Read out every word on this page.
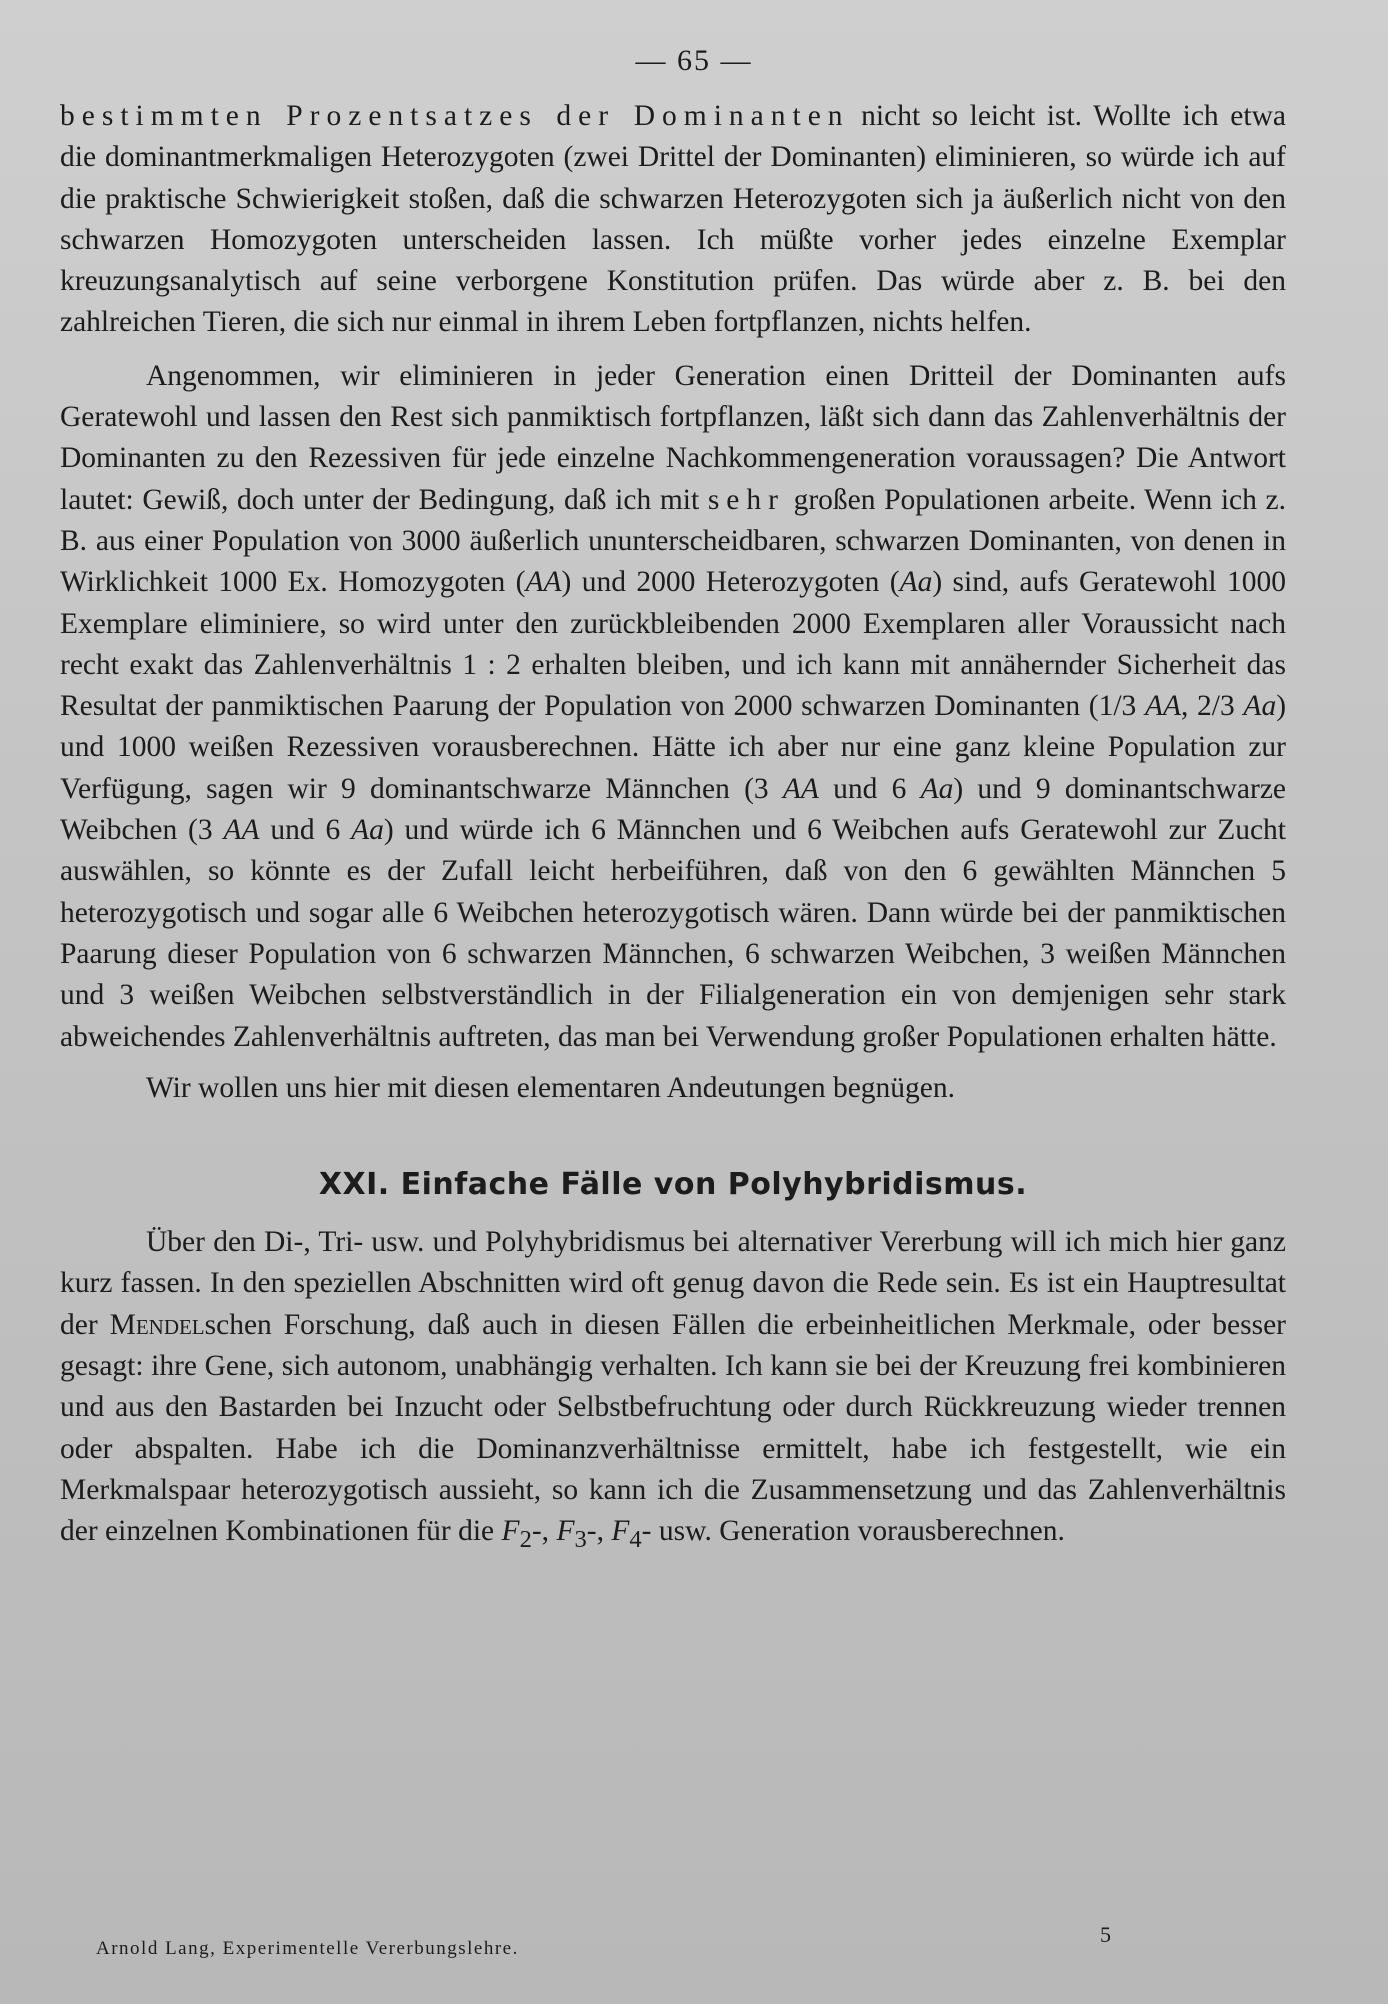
— 65 —

bestimmten Prozentsatzes der Dominanten nicht so leicht ist. Wollte ich etwa die dominantmerkmaligen Heterozygoten (zwei Drittel der Dominanten) eliminieren, so würde ich auf die praktische Schwierigkeit stoßen, daß die schwarzen Heterozygoten sich ja äußerlich nicht von den schwarzen Homozygoten unterscheiden lassen. Ich müßte vorher jedes einzelne Exemplar kreuzungsanalytisch auf seine verborgene Konstitution prüfen. Das würde aber z. B. bei den zahlreichen Tieren, die sich nur einmal in ihrem Leben fortpflanzen, nichts helfen.

Angenommen, wir eliminieren in jeder Generation einen Dritteil der Dominanten aufs Geratewohl und lassen den Rest sich panmiktisch fortpflanzen, läßt sich dann das Zahlenverhältnis der Dominanten zu den Rezessiven für jede einzelne Nachkommengeneration voraussagen? Die Antwort lautet: Gewiß, doch unter der Bedingung, daß ich mit sehr großen Populationen arbeite. Wenn ich z. B. aus einer Population von 3000 äußerlich ununterscheidbaren, schwarzen Dominanten, von denen in Wirklichkeit 1000 Ex. Homozygoten (AA) und 2000 Heterozygoten (Aa) sind, aufs Geratewohl 1000 Exemplare eliminiere, so wird unter den zurückbleibenden 2000 Exemplaren aller Voraussicht nach recht exakt das Zahlenverhältnis 1 : 2 erhalten bleiben, und ich kann mit annähernder Sicherheit das Resultat der panmiktischen Paarung der Population von 2000 schwarzen Dominanten (1/3 AA, 2/3 Aa) und 1000 weißen Rezessiven vorausberechnen. Hätte ich aber nur eine ganz kleine Population zur Verfügung, sagen wir 9 dominantschwarze Männchen (3 AA und 6 Aa) und 9 dominantschwarze Weibchen (3 AA und 6 Aa) und würde ich 6 Männchen und 6 Weibchen aufs Geratewohl zur Zucht auswählen, so könnte es der Zufall leicht herbeiführen, daß von den 6 gewählten Männchen 5 heterozygotisch und sogar alle 6 Weibchen heterozygotisch wären. Dann würde bei der panmiktischen Paarung dieser Population von 6 schwarzen Männchen, 6 schwarzen Weibchen, 3 weißen Männchen und 3 weißen Weibchen selbstverständlich in der Filialgeneration ein von demjenigen sehr stark abweichendes Zahlenverhältnis auftreten, das man bei Verwendung großer Populationen erhalten hätte.

Wir wollen uns hier mit diesen elementaren Andeutungen begnügen.

XXI. Einfache Fälle von Polyhybridismus.

Über den Di-, Tri- usw. und Polyhybridismus bei alternativer Vererbung will ich mich hier ganz kurz fassen. In den speziellen Abschnitten wird oft genug davon die Rede sein. Es ist ein Hauptresultat der Mendelschen Forschung, daß auch in diesen Fällen die erbeinheitlichen Merkmale, oder besser gesagt: ihre Gene, sich autonom, unabhängig verhalten. Ich kann sie bei der Kreuzung frei kombinieren und aus den Bastarden bei Inzucht oder Selbstbefruchtung oder durch Rückkreuzung wieder trennen oder abspalten. Habe ich die Dominanzverhältnisse ermittelt, habe ich festgestellt, wie ein Merkmalspaar heterozygotisch aussieht, so kann ich die Zusammensetzung und das Zahlenverhältnis der einzelnen Kombinationen für die $F_2-$, $F_3-$, $F_4-$ usw. Generation vorausberechnen.

Arnold Lang, Experimentelle Vererbungslehre.
5
